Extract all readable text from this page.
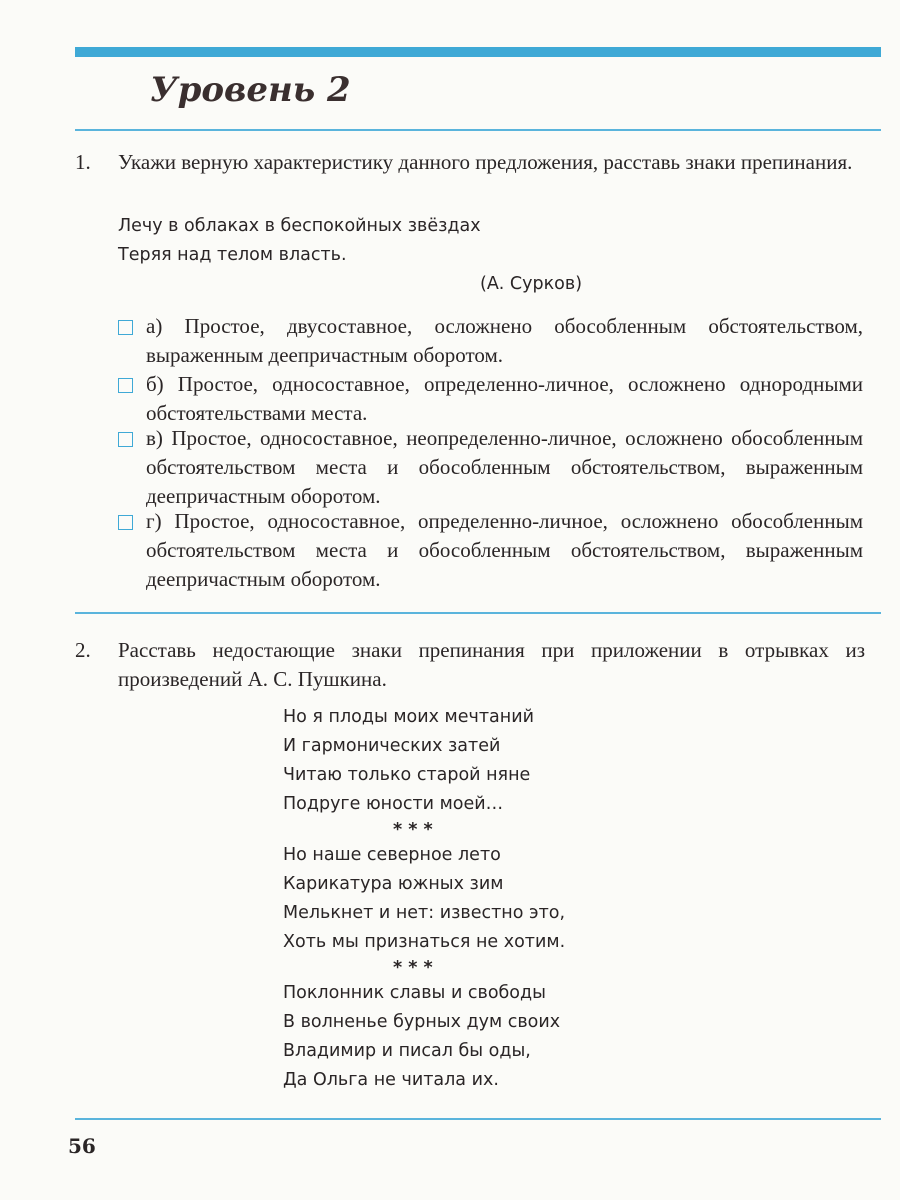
Уровень 2
1. Укажи верную характеристику данного предложения, расставь знаки препинания.
Лечу в облаках в беспокойных звёздах
Теряя над телом власть.
(А. Сурков)
а) Простое, двусоставное, осложнено обособленным обстоятельством, выраженным деепричастным оборотом.
б) Простое, односоставное, определенно-личное, осложнено однородными обстоятельствами места.
в) Простое, односоставное, неопределенно-личное, осложнено обособленным обстоятельством места и обособленным обстоятельством, выраженным деепричастным оборотом.
г) Простое, односоставное, определенно-личное, осложнено обособленным обстоятельством места и обособленным обстоятельством, выраженным деепричастным оборотом.
2. Расставь недостающие знаки препинания при приложении в отрывках из произведений А. С. Пушкина.
Но я плоды моих мечтаний
И гармонических затей
Читаю только старой няне
Подруге юности моей…
* * *
Но наше северное лето
Карикатура южных зим
Мелькнет и нет: известно это,
Хоть мы признаться не хотим.
* * *
Поклонник славы и свободы
В волненье бурных дум своих
Владимир и писал бы оды,
Да Ольга не читала их.
56
